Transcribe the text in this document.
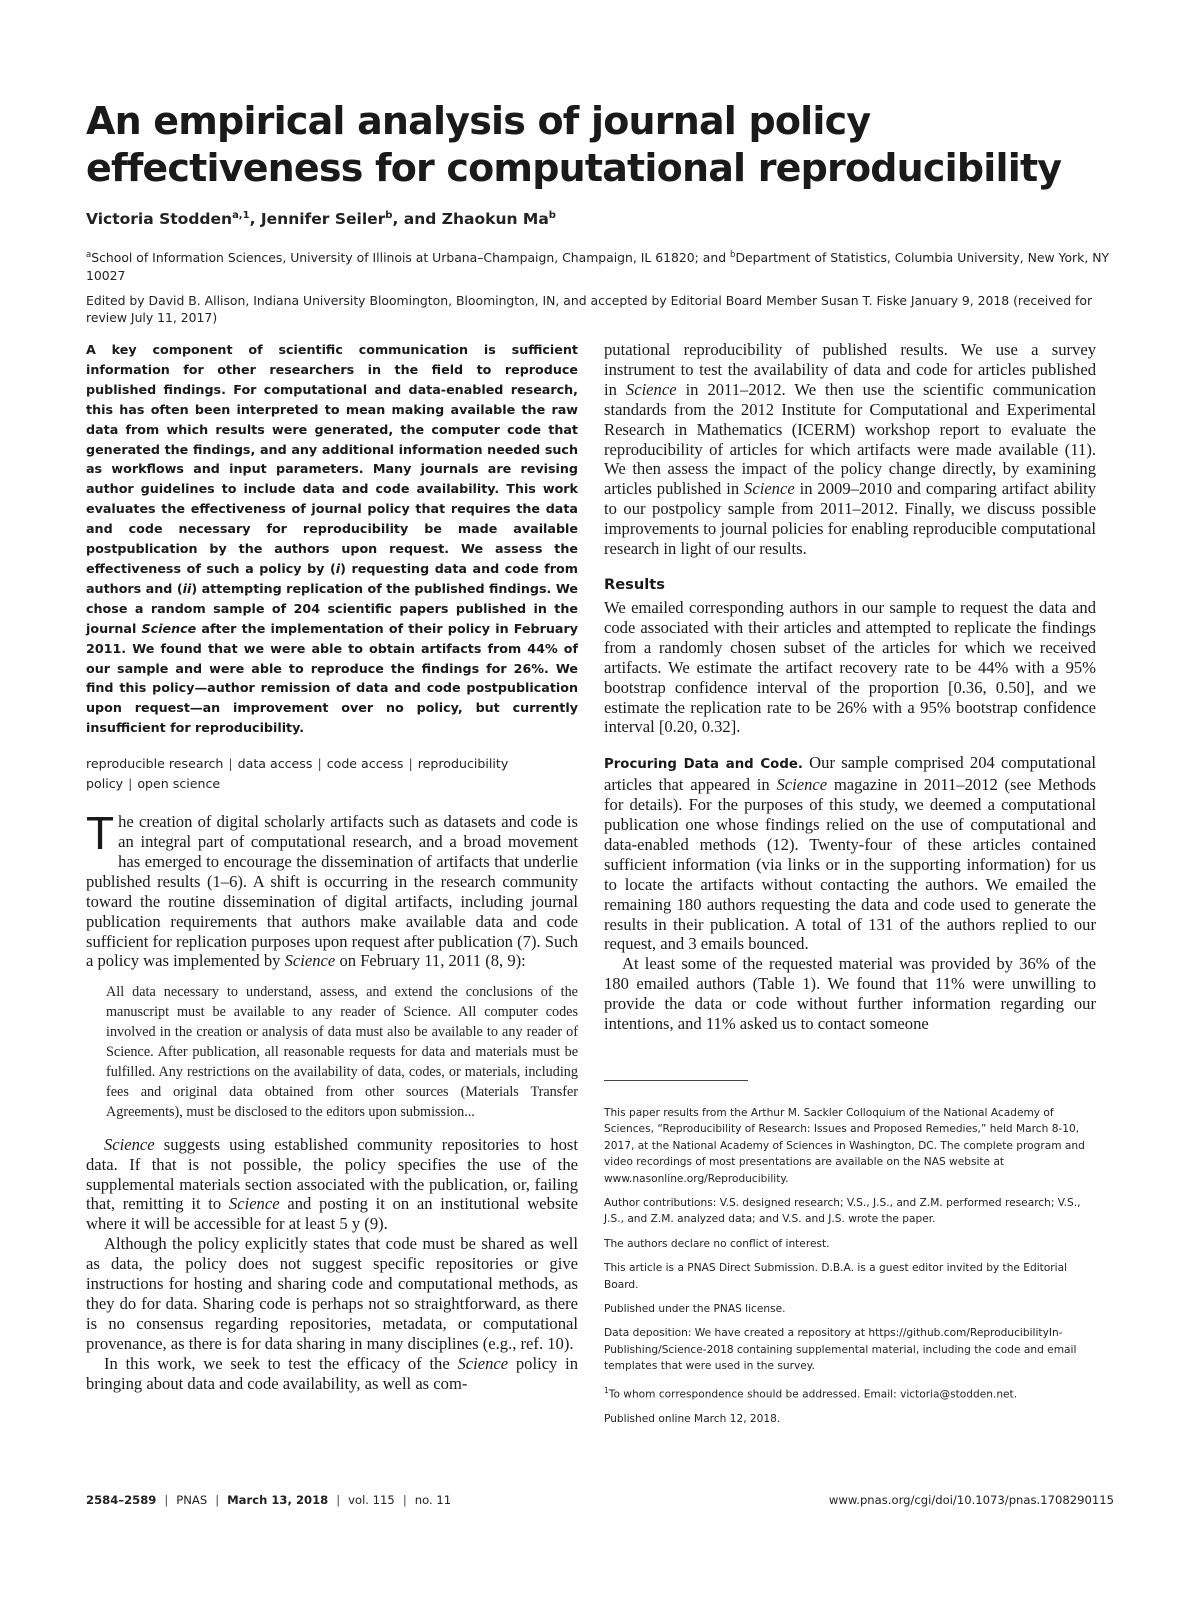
An empirical analysis of journal policy effectiveness for computational reproducibility

Victoria Stodden$^{a,1}$, Jennifer Seiler$^b$, and Zhaokun Ma$^b$

$^a$School of Information Sciences, University of Illinois at Urbana–Champaign, Champaign, IL 61820; and $^b$Department of Statistics, Columbia University, New York, NY 10027

Edited by David B. Allison, Indiana University Bloomington, Bloomington, IN, and accepted by Editorial Board Member Susan T. Fiske January 9, 2018 (received for review July 11, 2017)

A key component of scientific communication is sufficient information for other researchers in the field to reproduce published findings. For computational and data-enabled research, this has often been interpreted to mean making available the raw data from which results were generated, the computer code that generated the findings, and any additional information needed such as workflows and input parameters. Many journals are revising author guidelines to include data and code availability. This work evaluates the effectiveness of journal policy that requires the data and code necessary for reproducibility be made available postpublication by the authors upon request. We assess the effectiveness of such a policy by (i) requesting data and code from authors and (ii) attempting replication of the published findings. We chose a random sample of 204 scientific papers published in the journal Science after the implementation of their policy in February 2011. We found that we were able to obtain artifacts from 44% of our sample and were able to reproduce the findings for 26%. We find this policy—author remission of data and code postpublication upon request—an improvement over no policy, but currently insufficient for reproducibility.

reproducible research | data access | code access | reproducibility policy | open science

The creation of digital scholarly artifacts such as datasets and code is an integral part of computational research, and a broad movement has emerged to encourage the dissemination of artifacts that underlie published results (1–6). A shift is occurring in the research community toward the routine dissemination of digital artifacts, including journal publication requirements that authors make available data and code sufficient for replication purposes upon request after publication (7). Such a policy was implemented by Science on February 11, 2011 (8, 9):

All data necessary to understand, assess, and extend the conclusions of the manuscript must be available to any reader of Science. All computer codes involved in the creation or analysis of data must also be available to any reader of Science. After publication, all reasonable requests for data and materials must be fulfilled. Any restrictions on the availability of data, codes, or materials, including fees and original data obtained from other sources (Materials Transfer Agreements), must be disclosed to the editors upon submission...

Science suggests using established community repositories to host data. If that is not possible, the policy specifies the use of the supplemental materials section associated with the publication, or, failing that, remitting it to Science and posting it on an institutional website where it will be accessible for at least 5 y (9).

Although the policy explicitly states that code must be shared as well as data, the policy does not suggest specific repositories or give instructions for hosting and sharing code and computational methods, as they do for data. Sharing code is perhaps not so straightforward, as there is no consensus regarding repositories, metadata, or computational provenance, as there is for data sharing in many disciplines (e.g., ref. 10).

In this work, we seek to test the efficacy of the Science policy in bringing about data and code availability, as well as com-

putational reproducibility of published results. We use a survey instrument to test the availability of data and code for articles published in Science in 2011–2012. We then use the scientific communication standards from the 2012 Institute for Computational and Experimental Research in Mathematics (ICERM) workshop report to evaluate the reproducibility of articles for which artifacts were made available (11). We then assess the impact of the policy change directly, by examining articles published in Science in 2009–2010 and comparing artifact ability to our postpolicy sample from 2011–2012. Finally, we discuss possible improvements to journal policies for enabling reproducible computational research in light of our results.

Results

We emailed corresponding authors in our sample to request the data and code associated with their articles and attempted to replicate the findings from a randomly chosen subset of the articles for which we received artifacts. We estimate the artifact recovery rate to be 44% with a 95% bootstrap confidence interval of the proportion [0.36, 0.50], and we estimate the replication rate to be 26% with a 95% bootstrap confidence interval [0.20, 0.32].

Procuring Data and Code. Our sample comprised 204 computational articles that appeared in Science magazine in 2011–2012 (see Methods for details). For the purposes of this study, we deemed a computational publication one whose findings relied on the use of computational and data-enabled methods (12). Twenty-four of these articles contained sufficient information (via links or in the supporting information) for us to locate the artifacts without contacting the authors. We emailed the remaining 180 authors requesting the data and code used to generate the results in their publication. A total of 131 of the authors replied to our request, and 3 emails bounced.

At least some of the requested material was provided by 36% of the 180 emailed authors (Table 1). We found that 11% were unwilling to provide the data or code without further information regarding our intentions, and 11% asked us to contact someone

This paper results from the Arthur M. Sackler Colloquium of the National Academy of Sciences, “Reproducibility of Research: Issues and Proposed Remedies,” held March 8-10, 2017, at the National Academy of Sciences in Washington, DC. The complete program and video recordings of most presentations are available on the NAS website at www.nasonline.org/Reproducibility.

Author contributions: V.S. designed research; V.S., J.S., and Z.M. performed research; V.S., J.S., and Z.M. analyzed data; and V.S. and J.S. wrote the paper.

The authors declare no conflict of interest.

This article is a PNAS Direct Submission. D.B.A. is a guest editor invited by the Editorial Board.

Published under the PNAS license.

Data deposition: We have created a repository at https://github.com/ReproducibilityIn-Publishing/Science-2018 containing supplemental material, including the code and email templates that were used in the survey.

$^1$To whom correspondence should be addressed. Email: victoria@stodden.net.

Published online March 12, 2018.

2584–2589 | PNAS | March 13, 2018 | vol. 115 | no. 11	www.pnas.org/cgi/doi/10.1073/pnas.1708290115
